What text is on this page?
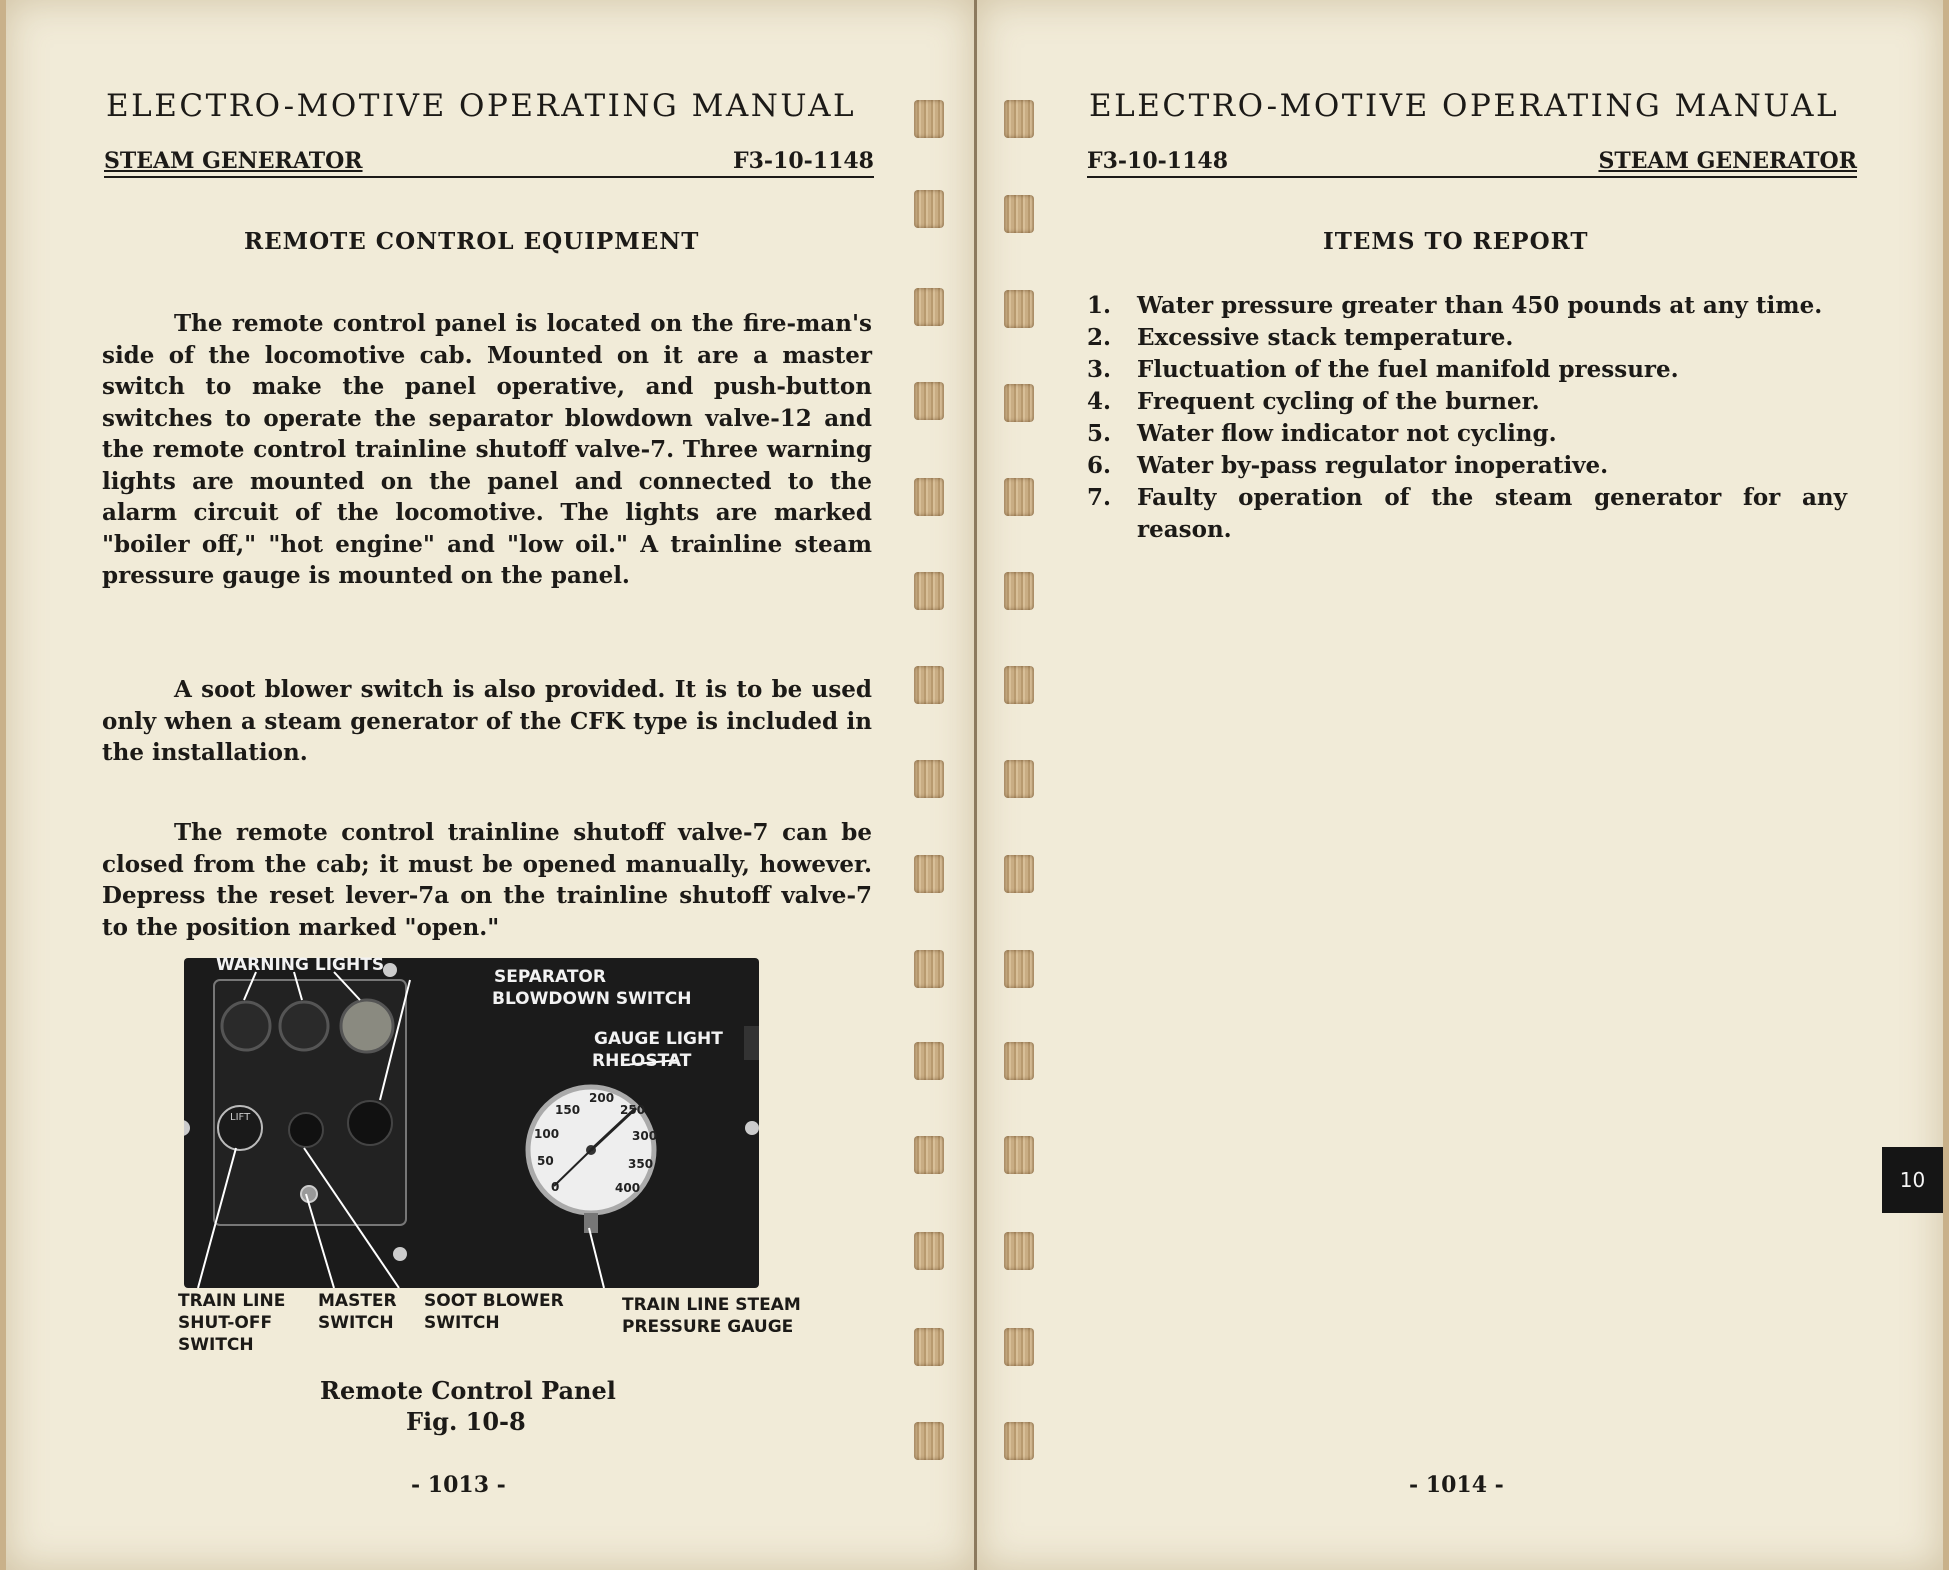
ELECTRO-MOTIVE OPERATING MANUAL
STEAM GENERATOR	F3-10-1148
REMOTE CONTROL EQUIPMENT

The remote control panel is located on the fire-man's side of the locomotive cab. Mounted on it are a master switch to make the panel operative, and push-button switches to operate the separator blowdown valve-12 and the remote control trainline shutoff valve-7. Three warning lights are mounted on the panel and connected to the alarm circuit of the locomotive. The lights are marked "boiler off," "hot engine" and "low oil." A trainline steam pressure gauge is mounted on the panel.

A soot blower switch is also provided. It is to be used only when a steam generator of the CFK type is included in the installation.

The remote control trainline shutoff valve-7 can be closed from the cab; it must be opened manually, however. Depress the reset lever-7a on the trainline shutoff valve-7 to the position marked "open."

LIFT
0
50
100
150
200
250
300
350
400
WARNING LIGHTS
SEPARATOR
BLOWDOWN SWITCH
GAUGE LIGHT
RHEOSTAT
TRAIN LINE
SHUT-OFF
SWITCH
MASTER
SWITCH
SOOT BLOWER
SWITCH
TRAIN LINE STEAM
PRESSURE GAUGE
Remote Control Panel
Fig. 10-8
- 1013 -
ELECTRO-MOTIVE OPERATING MANUAL
F3-10-1148	STEAM GENERATOR
ITEMS TO REPORT
1.	Water pressure greater than 450 pounds at any time.
2.	Excessive stack temperature.
3.	Fluctuation of the fuel manifold pressure.
4.	Frequent cycling of the burner.
5.	Water flow indicator not cycling.
6.	Water by-pass regulator inoperative.
7.	Faulty operation of the steam generator for any reason.
- 1014 -
10
